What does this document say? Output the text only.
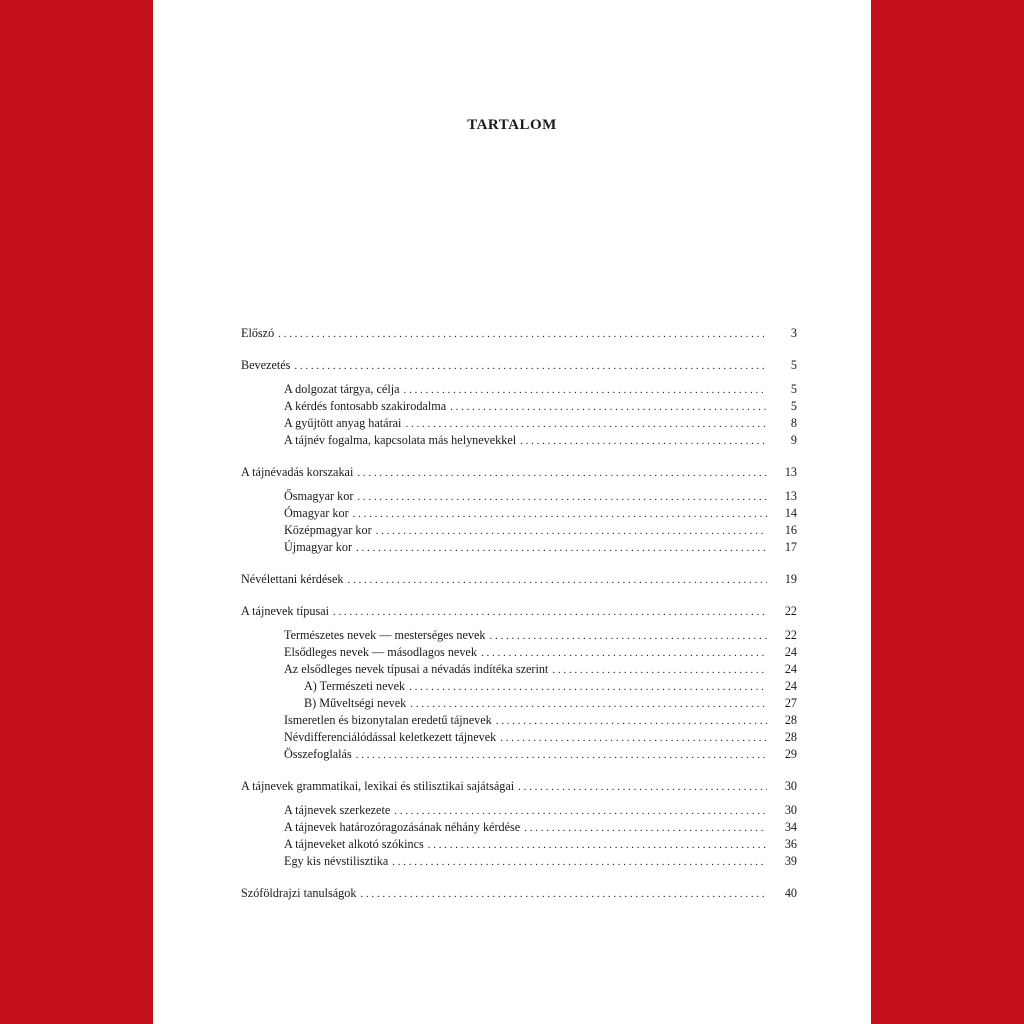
TARTALOM
Előszó . . .	3
Bevezetés . . .	5
A dolgozat tárgya, célja . . .	5
A kérdés fontosabb szakirodalma . . .	5
A gyűjtött anyag határai . . .	8
A tájnév fogalma, kapcsolata más helynevekkel . . .	9
A tájnévadás korszakai . . .	13
Ősmagyar kor . . .	13
Ómagyar kor . . .	14
Középmagyar kor . . .	16
Újmagyar kor . . .	17
Névélettani kérdések . . .	19
A tájnevek típusai . . .	22
Természetes nevek — mesterséges nevek . . .	22
Elsődleges nevek — másodlagos nevek . . .	24
Az elsődleges nevek típusai a névadás indítéka szerint . . .	24
A) Természeti nevek . . .	24
B) Műveltségi nevek . . .	27
Ismeretlen és bizonytalan eredetű tájnevek . . .	28
Névdifferenciálódással keletkezett tájnevek . . .	28
Összefoglalás . . .	29
A tájnevek grammatikai, lexikai és stilisztikai sajátságai . . .	30
A tájnevek szerkezete . . .	30
A tájnevek határozóragozásának néhány kérdése . . .	34
A tájneveket alkotó szókincs . . .	36
Egy kis névstilisztika . . .	39
Szóföldrajzi tanulságok . . .	40
